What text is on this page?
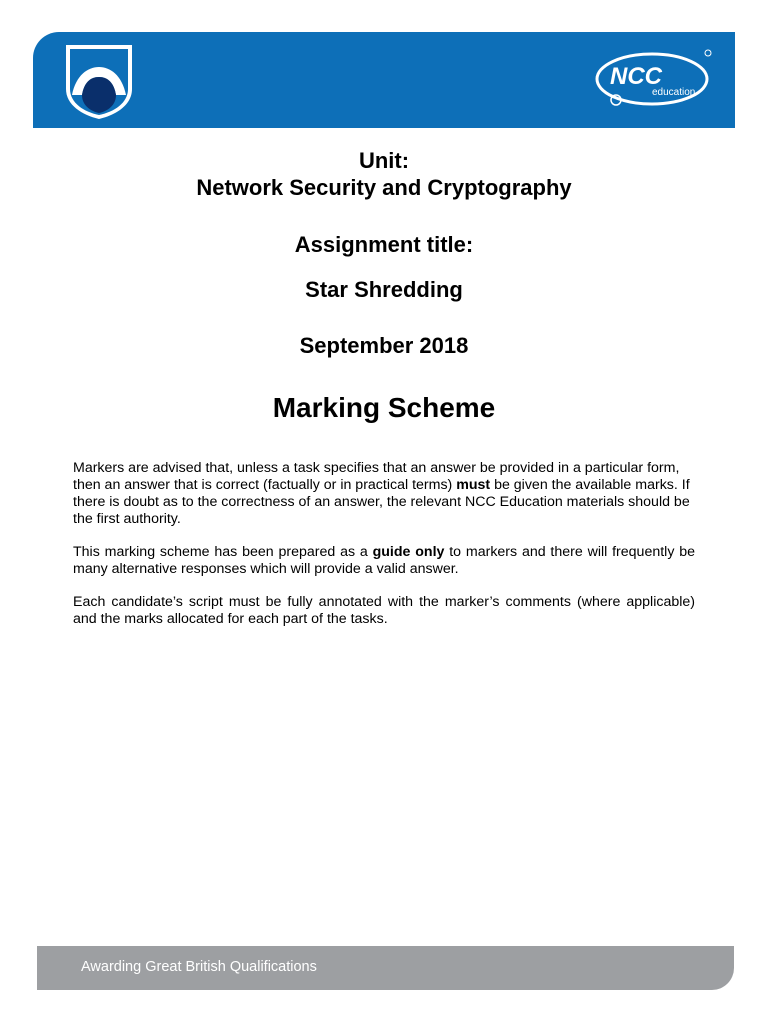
NCC
education
Unit:
Network Security and Cryptography
Assignment title:
Star Shredding
September 2018
Marking Scheme

Markers are advised that, unless a task specifies that an answer be provided in a particular form, then an answer that is correct (factually or in practical terms) must be given the available marks. If there is doubt as to the correctness of an answer, the relevant NCC Education materials should be the first authority.

This marking scheme has been prepared as a guide only to markers and there will frequently be many alternative responses which will provide a valid answer.

Each candidate’s script must be fully annotated with the marker’s comments (where applicable) and the marks allocated for each part of the tasks.

Awarding Great British Qualifications
